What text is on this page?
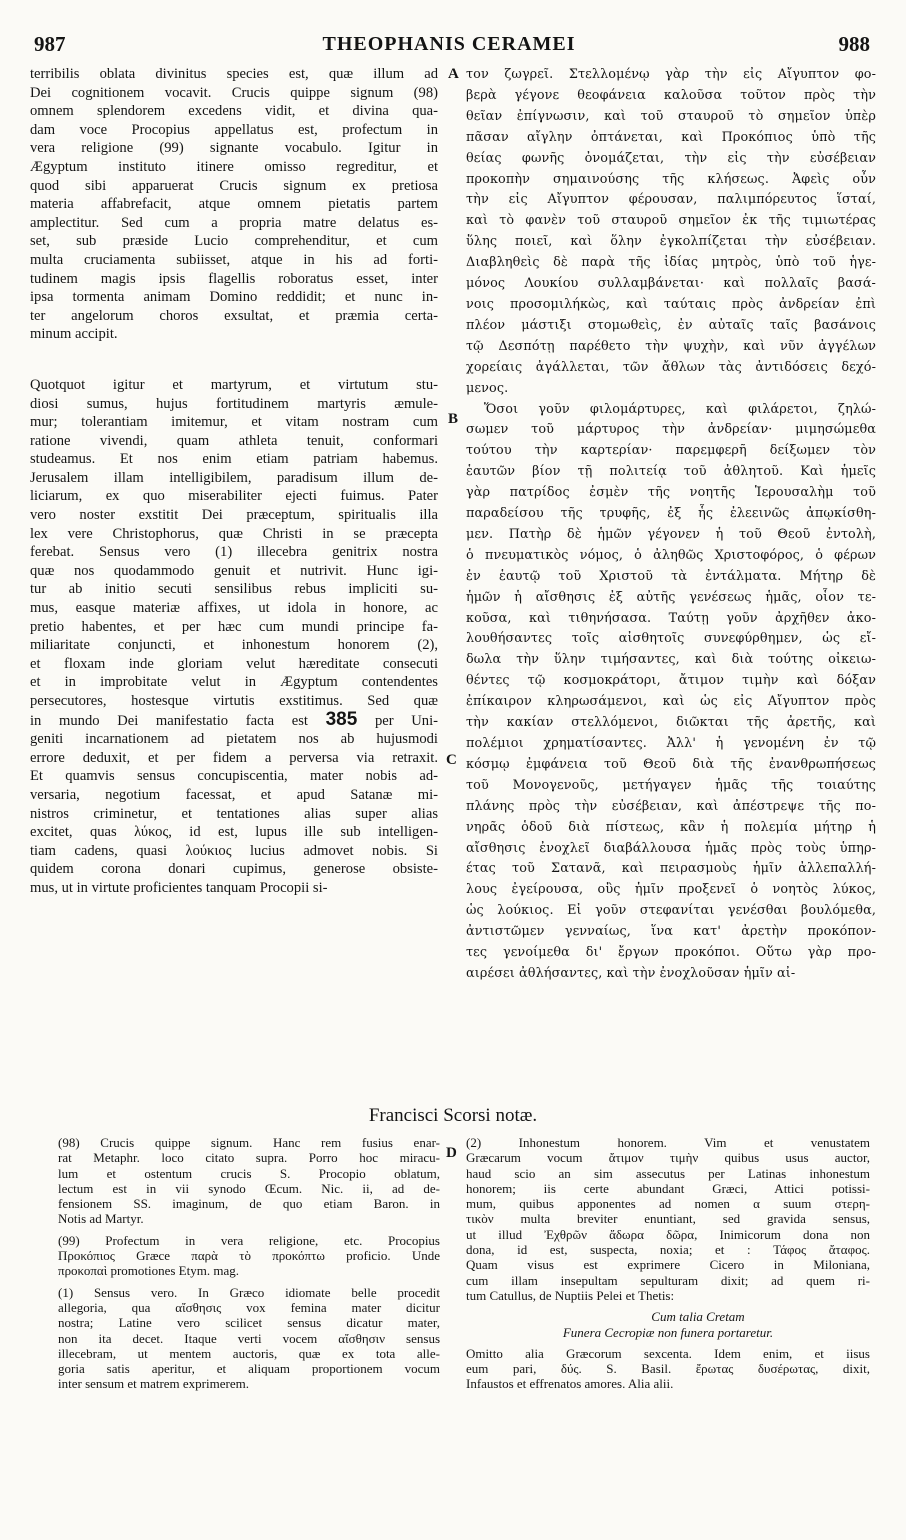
987	THEOPHANIS CERAMEI	988
terribilis oblata divinitus species est, quæ illum ad
Dei cognitionem vocavit. Crucis quippe signum (98)
omnem splendorem excedens vidit, et divina qua-
dam voce Procopius appellatus est, profectum in
vera religione (99) signante vocabulo. Igitur in
Ægyptum instituto itinere omisso regreditur, et
quod sibi apparuerat Crucis signum ex pretiosa
materia affabrefacit, atque omnem pietatis partem
amplectitur. Sed cum a propria matre delatus es-
set, sub præside Lucio comprehenditur, et cum
multa cruciamenta subiisset, atque in his ad forti-
tudinem magis ipsis flagellis roboratus esset, inter
ipsa tormenta animam Domino reddidit; et nunc in-
ter angelorum choros exsultat, et præmia certa-
minum accipit.
Quotquot igitur et martyrum, et virtutum stu-
diosi sumus, hujus fortitudinem martyris æmule-
mur; tolerantiam imitemur, et vitam nostram cum
ratione vivendi, quam athleta tenuit, conformari
studeamus. Et nos enim etiam patriam habemus.
Jerusalem illam intelligibilem, paradisum illum de-
liciarum, ex quo miserabiliter ejecti fuimus. Pater
vero noster exstitit Dei præceptum, spiritualis illa
lex vere Christophorus, quæ Christi in se præcepta
ferebat. Sensus vero (1) illecebra genitrix nostra
quæ nos quodammodo genuit et nutrivit. Hunc igi-
tur ab initio secuti sensilibus rebus impliciti su-
mus, easque materiæ affixes, ut idola in honore, ac
pretio habentes, et per hæc cum mundi principe fa-
miliaritate conjuncti, et inhonestum honorem (2),
et floxam inde gloriam velut hæreditate consecuti
et in improbitate velut in Ægyptum contendentes
persecutores, hostesque virtutis exstitimus. Sed quæ
in mundo Dei manifestatio facta est 385 per Uni-
geniti incarnationem ad pietatem nos ab hujusmodi
errore deduxit, et per fidem a perversa via retraxit.
Et quamvis sensus concupiscentia, mater nobis ad-
versaria, negotium facessat, et apud Satanæ mi-
nistros criminetur, et tentationes alias super alias
excitet, quas λύκος, id est, lupus ille sub intelligen-
tiam cadens, quasi λούκιος lucius admovet nobis. Si
quidem corona donari cupimus, generose obsiste-
mus, ut in virtute proficientes tanquam Procopii si-
τον ζωγρεῖ. Στελλομένῳ γὰρ τὴν εἰς Αἴγυπτον φο-
βερὰ γέγονε θεοφάνεια καλοῦσα τοῦτον πρὸς τὴν
θεῖαν ἐπίγνωσιν, καὶ τοῦ σταυροῦ τὸ σημεῖον ὑπὲρ
πᾶσαν αἴγλην ὀπτάνεται, καὶ Προκόπιος ὑπὸ τῆς
θείας φωνῆς ὀνομάζεται, τὴν εἰς τὴν εὐσέβειαν
προκοπὴν σημαινούσης τῆς κλήσεως. Ἀφεὶς οὖν
τὴν εἰς Αἴγυπτον φέρουσαν, παλιμπόρευτος ἵσταί,
καὶ τὸ φανὲν τοῦ σταυροῦ σημεῖον ἐκ τῆς τιμιωτέρας
ὕλης ποιεῖ, καὶ ὅλην ἐγκολπίζεται τὴν εὐσέβειαν.
Διαβληθεὶς δὲ παρὰ τῆς ἰδίας μητρὸς, ὑπὸ τοῦ ἡγε-
μόνος Λουκίου συλλαμβάνεται· καὶ πολλαῖς βασά-
νοις προσομιλήκὼς, καὶ ταύταις πρὸς ἀνδρείαν ἐπὶ
πλέον μάστιξι στομωθεὶς, ἐν αὐταῖς ταῖς βασάνοις
τῷ Δεσπότῃ παρέθετο τὴν ψυχὴν, καὶ νῦν ἀγγέλων
χορείαις ἀγάλλεται, τῶν ἄθλων τὰς ἀντιδόσεις δεχό-
μενος.
Ὅσοι γοῦν φιλομάρτυρες, καὶ φιλάρετοι, ζηλώ-
σωμεν τοῦ μάρτυρος τὴν ἀνδρείαν· μιμησώμεθα
τούτου τὴν καρτερίαν· παρεμφερῆ δείξωμεν τὸν
ἑαυτῶν βίον τῇ πολιτείᾳ τοῦ ἀθλητοῦ. Καὶ ἡμεῖς
γὰρ πατρίδος ἐσμὲν τῆς νοητῆς Ἱερουσαλὴμ τοῦ
παραδείσου τῆς τρυφῆς, ἐξ ἧς ἐλεεινῶς ἀπῳκίσθη-
μεν. Πατὴρ δὲ ἡμῶν γέγονεν ἡ τοῦ Θεοῦ ἐντολὴ,
ὁ πνευματικὸς νόμος, ὁ ἀληθῶς Χριστοφόρος, ὁ φέρων
ἐν ἑαυτῷ τοῦ Χριστοῦ τὰ ἐντάλματα. Μήτηρ δὲ
ἡμῶν ἡ αἴσθησις ἐξ αὐτῆς γενέσεως ἡμᾶς, οἷον τε-
κοῦσα, καὶ τιθηνήσασα. Ταύτῃ γοῦν ἀρχῆθεν ἀκο-
λουθήσαντες τοῖς αἰσθητοῖς συνεφύρθημεν, ὡς εἴ-
δωλα τὴν ὕλην τιμήσαντες, καὶ διὰ τούτης οἰκειω-
θέντες τῷ κοσμοκράτορι, ἄτιμον τιμὴν καὶ δόξαν
ἐπίκαιρον κληρωσάμενοι, καὶ ὡς εἰς Αἴγυπτον πρὸς
τὴν κακίαν στελλόμενοι, διῶκται τῆς ἀρετῆς, καὶ
πολέμιοι χρηματίσαντες. Ἀλλ' ἡ γενομένη ἐν τῷ
κόσμῳ ἐμφάνεια τοῦ Θεοῦ διὰ τῆς ἐνανθρωπήσεως
τοῦ Μονογενοῦς, μετήγαγεν ἡμᾶς τῆς τοιαύτης
πλάνης πρὸς τὴν εὐσέβειαν, καὶ ἀπέστρεψε τῆς πο-
νηρᾶς ὁδοῦ διὰ πίστεως, κἂν ἡ πολεμία μήτηρ ἡ
αἴσθησις ἐνοχλεῖ διαβάλλουσα ἡμᾶς πρὸς τοὺς ὑπηρ-
έτας τοῦ Σατανᾶ, καὶ πειρασμοὺς ἡμῖν ἀλλεπαλλή-
λους ἐγείρουσα, οὓς ἡμῖν προξενεῖ ὁ νοητὸς λύκος,
ὡς λούκιος. Εἰ γοῦν στεφανίται γενέσθαι βουλόμεθα,
ἀντιστῶμεν γενναίως, ἵνα κατ' ἀρετὴν προκόπον-
τες γενοίμεθα δι' ἔργων προκόποι. Οὕτω γὰρ προ-
αιρέσει ἀθλήσαντες, καὶ τὴν ἐνοχλοῦσαν ἡμῖν αἰ-
A
B
C
D
Francisci Scorsi notæ.
(98) Crucis quippe signum. Hanc rem fusius enar-
rat Metaphr. loco citato supra. Porro hoc miracu-
lum et ostentum crucis S. Procopio oblatum,
lectum est in vii synodo Œcum. Nic. ii, ad de-
fensionem SS. imaginum, de quo etiam Baron. in
Notis ad Martyr.
(99) Profectum in vera religione, etc. Procopius
Προκόπιος Græce παρὰ τὸ προκόπτω proficio. Unde
προκοπαὶ promotiones Etym. mag.
(1) Sensus vero. In Græco idiomate belle procedit
allegoria, qua αἴσθησις vox femina mater dicitur
nostra; Latine vero scilicet sensus dicatur mater,
non ita decet. Itaque verti vocem αἴσθησιν sensus
illecebram, ut mentem auctoris, quæ ex tota alle-
goria satis aperitur, et aliquam proportionem vocum
inter sensum et matrem exprimerem.
(2) Inhonestum honorem. Vim et venustatem
Græcarum vocum ἄτιμον τιμὴν quibus usus auctor,
haud scio an sim assecutus per Latinas inhonestum
honorem; iis certe abundant Græci, Attici potissi-
mum, quibus apponentes ad nomen α suum στερη-
τικὸν multa breviter enuntiant, sed gravida sensus,
ut illud Ἐχθρῶν ἄδωρα δῶρα, Inimicorum dona non
dona, id est, suspecta, noxia; et : Τάφος ἄταφος.
Quam visus est exprimere Cicero in Miloniana,
cum illam insepultam sepulturam dixit; ad quem ri-
tum Catullus, de Nuptiis Pelei et Thetis:
Cum talia Cretam
Funera Cecropiæ non funera portaretur.
Omitto alia Græcorum sexcenta. Idem enim, et iisus
eum pari, δύς. S. Basil. ἔρωτας δυσέρωτας, dixit,
Infaustos et effrenatos amores. Alia alii.
